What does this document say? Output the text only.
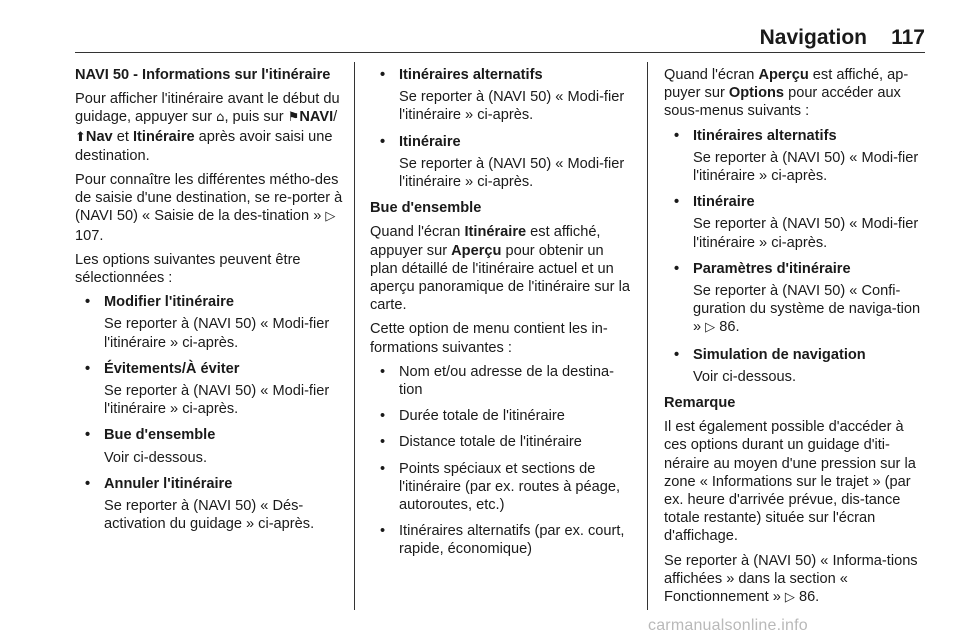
Navigation 117

NAVI 50 - Informations sur l'itinéraire

Pour afficher l'itinéraire avant le début du guidage, appuyer sur ⌂, puis sur ⚑NAVI/⬆Nav et Itinéraire après avoir saisi une destination.

Pour connaître les différentes métho-des de saisie d'une destination, se re-porter à (NAVI 50) « Saisie de la des-tination » ▷ 107.

Les options suivantes peuvent être sélectionnées :

• Modifier l'itinéraire
Se reporter à (NAVI 50) « Modi-fier l'itinéraire » ci-après.
• Évitements/À éviter
Se reporter à (NAVI 50) « Modi-fier l'itinéraire » ci-après.
• Bue d'ensemble
Voir ci-dessous.
• Annuler l'itinéraire
Se reporter à (NAVI 50) « Dés-activation du guidage » ci-après.
• Itinéraires alternatifs
Se reporter à (NAVI 50) « Modi-fier l'itinéraire » ci-après.
• Itinéraire
Se reporter à (NAVI 50) « Modi-fier l'itinéraire » ci-après.

Bue d'ensemble

Quand l'écran Itinéraire est affiché, appuyer sur Aperçu pour obtenir un plan détaillé de l'itinéraire actuel et un aperçu panoramique de l'itinéraire sur la carte.

Cette option de menu contient les in-formations suivantes :

• Nom et/ou adresse de la destina-tion
• Durée totale de l'itinéraire
• Distance totale de l'itinéraire
• Points spéciaux et sections de l'itinéraire (par ex. routes à péage, autoroutes, etc.)
• Itinéraires alternatifs (par ex. court, rapide, économique)

Quand l'écran Aperçu est affiché, ap-puyer sur Options pour accéder aux sous-menus suivants :

• Itinéraires alternatifs
Se reporter à (NAVI 50) « Modi-fier l'itinéraire » ci-après.
• Itinéraire
Se reporter à (NAVI 50) « Modi-fier l'itinéraire » ci-après.
• Paramètres d'itinéraire
Se reporter à (NAVI 50) « Confi-guration du système de naviga-tion » ▷ 86.
• Simulation de navigation
Voir ci-dessous.

Remarque

Il est également possible d'accéder à ces options durant un guidage d'iti-néraire au moyen d'une pression sur la zone « Informations sur le trajet » (par ex. heure d'arrivée prévue, dis-tance totale restante) située sur l'écran d'affichage.

Se reporter à (NAVI 50) « Informa-tions affichées » dans la section « Fonctionnement » ▷ 86.

carmanualsonline.info
